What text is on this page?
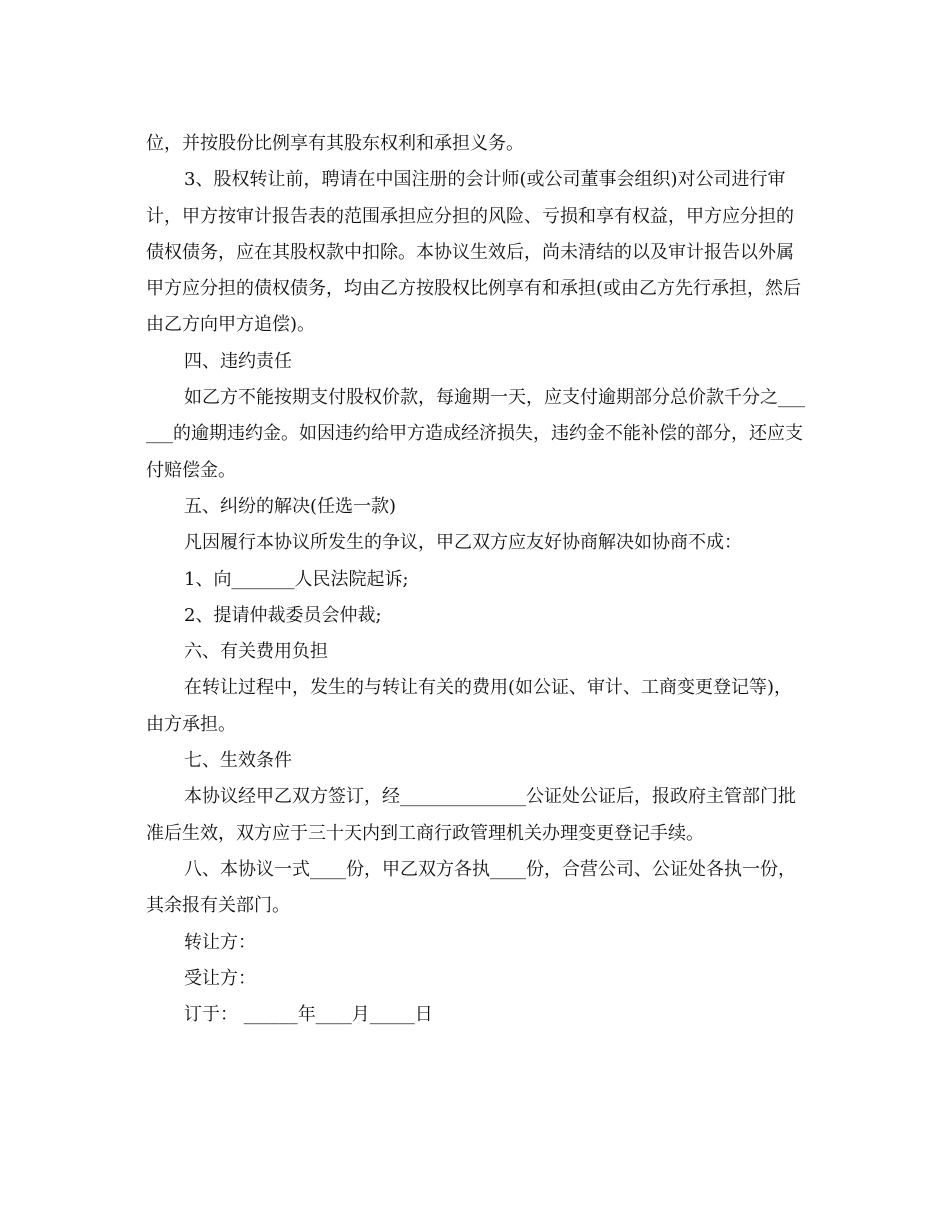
位，并按股份比例享有其股东权利和承担义务。

3、股权转让前，聘请在中国注册的会计师(或公司董事会组织)对公司进行审计，甲方按审计报告表的范围承担应分担的风险、亏损和享有权益，甲方应分担的债权债务，应在其股权款中扣除。本协议生效后，尚未清结的以及审计报告以外属甲方应分担的债权债务，均由乙方按股权比例享有和承担(或由乙方先行承担，然后由乙方向甲方追偿)。

四、违约责任

如乙方不能按期支付股权价款，每逾期一天，应支付逾期部分总价款千分之______的逾期违约金。如因违约给甲方造成经济损失，违约金不能补偿的部分，还应支付赔偿金。

五、纠纷的解决(任选一款)

凡因履行本协议所发生的争议，甲乙双方应友好协商解决如协商不成：

1、向_______人民法院起诉;

2、提请仲裁委员会仲裁;

六、有关费用负担

在转让过程中，发生的与转让有关的费用(如公证、审计、工商变更登记等)，由方承担。

七、生效条件

本协议经甲乙双方签订，经______________公证处公证后，报政府主管部门批准后生效，双方应于三十天内到工商行政管理机关办理变更登记手续。

八、本协议一式____份，甲乙双方各执____份，合营公司、公证处各执一份，其余报有关部门。

转让方：

受让方：

订于： ______年____月_____日
